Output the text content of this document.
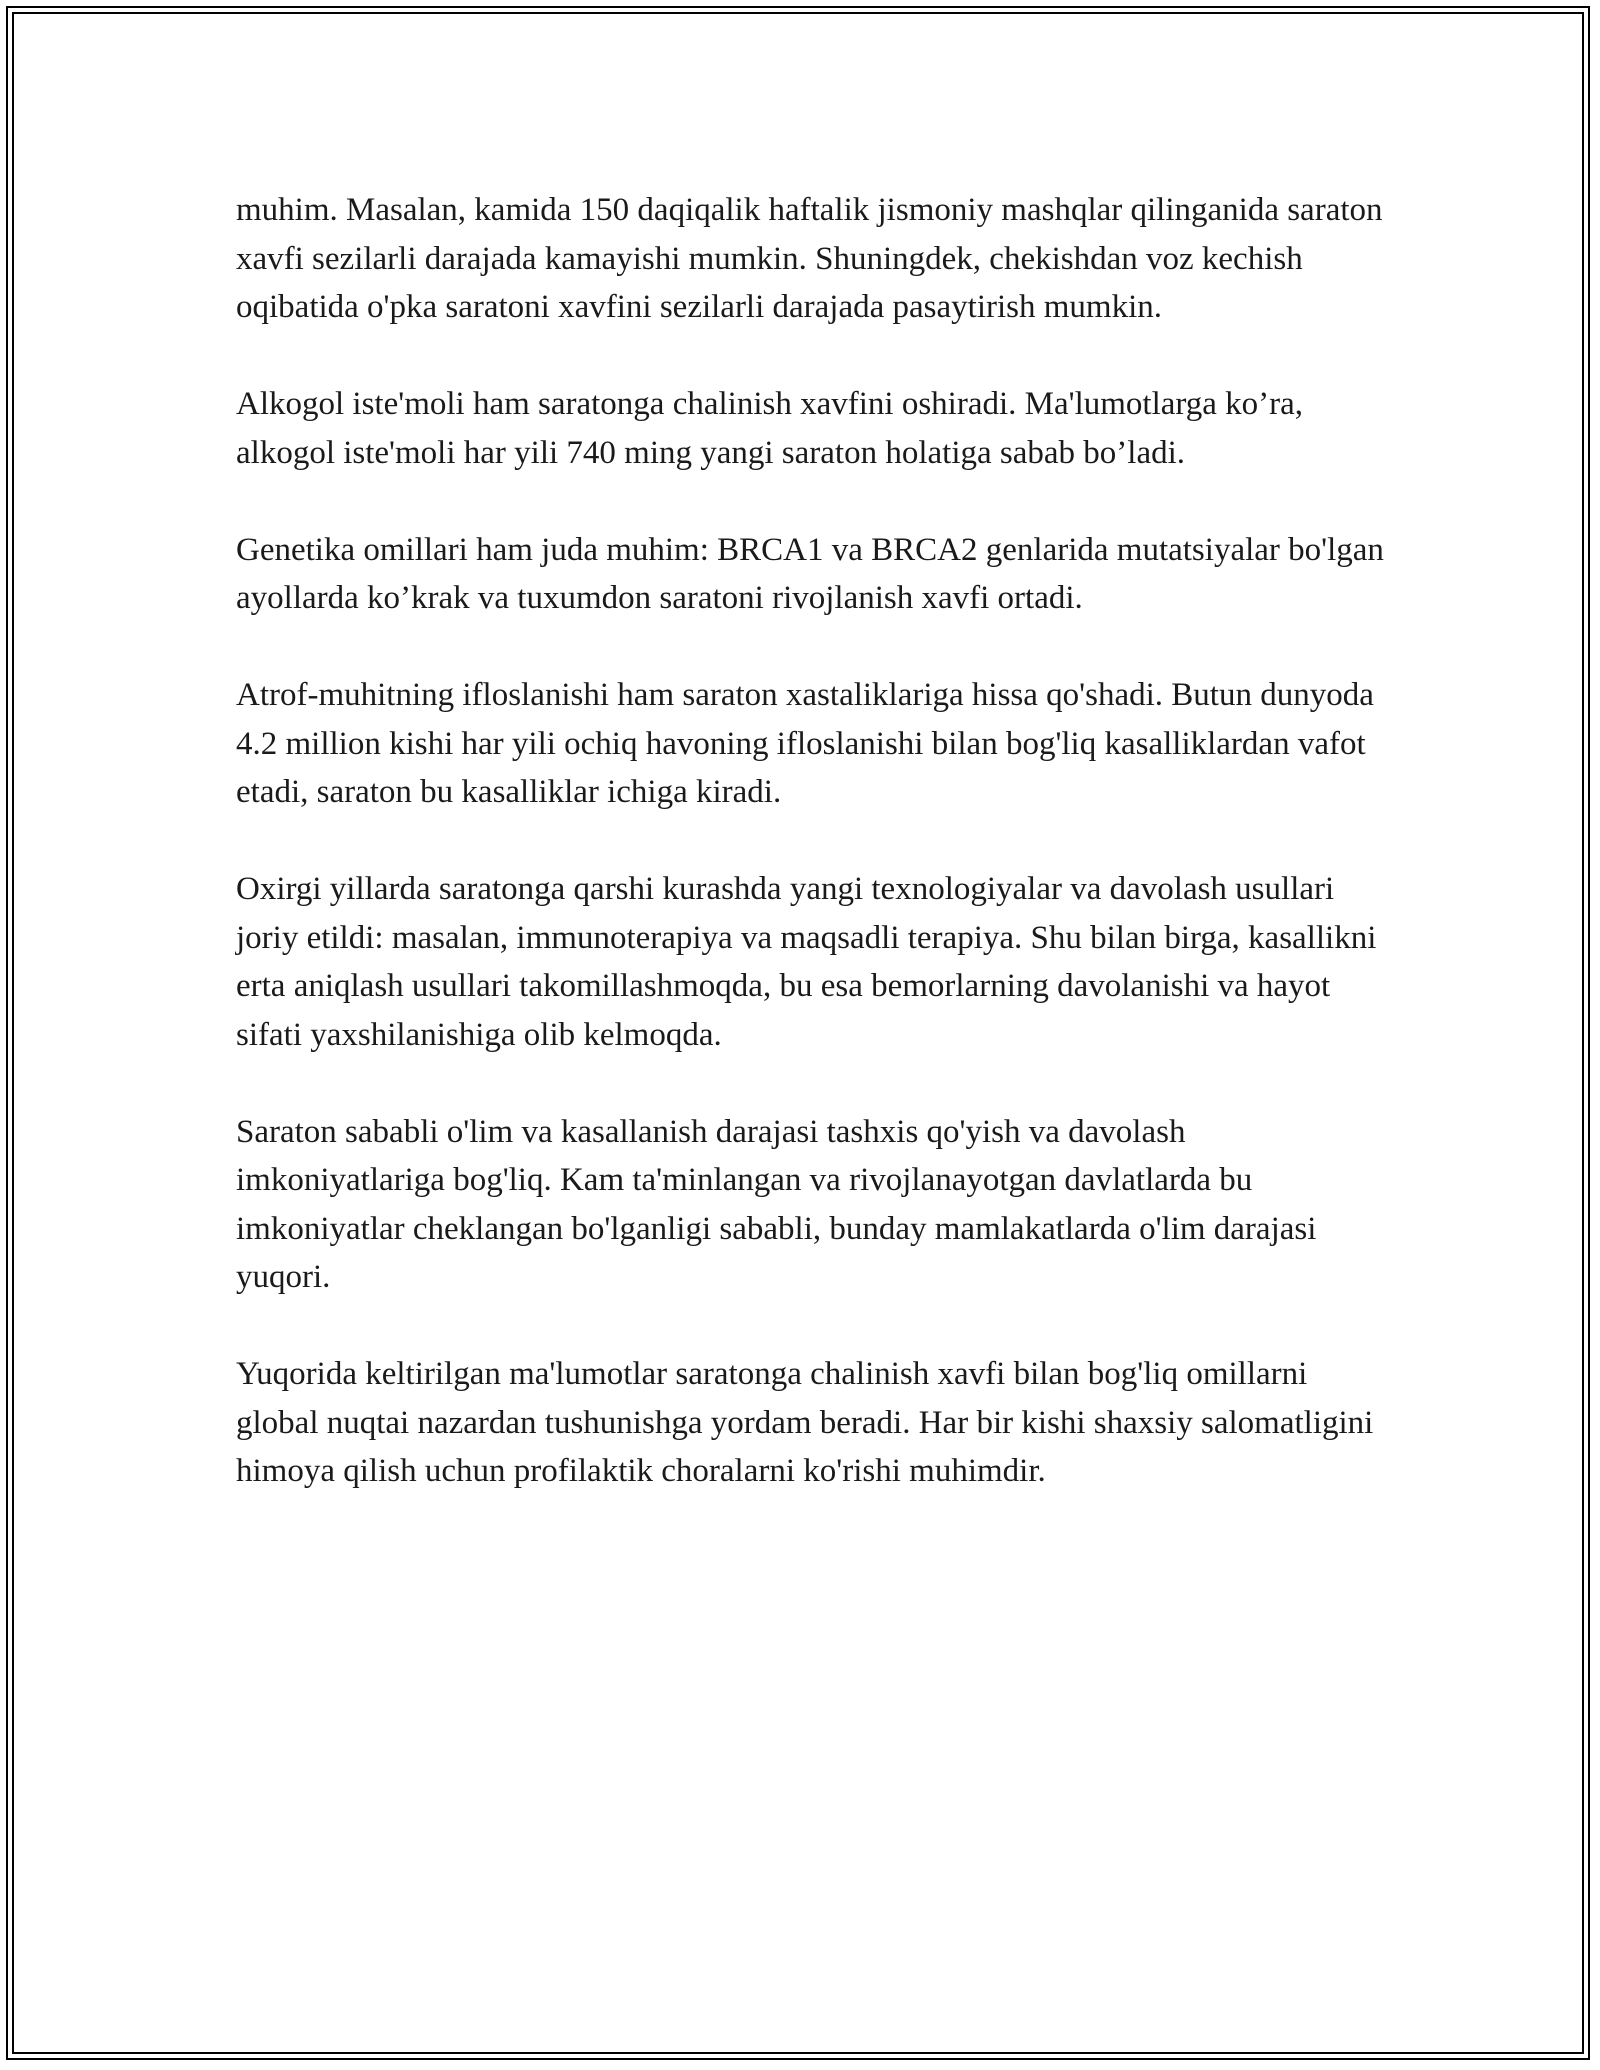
muhim. Masalan, kamida 150 daqiqalik haftalik jismoniy mashqlar qilinganida saraton xavfi sezilarli darajada kamayishi mumkin. Shuningdek, chekishdan voz kechish oqibatida o'pka saratoni xavfini sezilarli darajada pasaytirish mumkin.

Alkogol iste'moli ham saratonga chalinish xavfini oshiradi. Ma'lumotlarga ko’ra, alkogol iste'moli har yili 740 ming yangi saraton holatiga sabab bo’ladi.

Genetika omillari ham juda muhim: BRCA1 va BRCA2 genlarida mutatsiyalar bo'lgan ayollarda ko’krak va tuxumdon saratoni rivojlanish xavfi ortadi.

Atrof-muhitning ifloslanishi ham saraton xastaliklariga hissa qo'shadi. Butun dunyoda 4.2 million kishi har yili ochiq havoning ifloslanishi bilan bog'liq kasalliklardan vafot etadi, saraton bu kasalliklar ichiga kiradi.

Oxirgi yillarda saratonga qarshi kurashda yangi texnologiyalar va davolash usullari joriy etildi: masalan, immunoterapiya va maqsadli terapiya. Shu bilan birga, kasallikni erta aniqlash usullari takomillashmoqda, bu esa bemorlarning davolanishi va hayot sifati yaxshilanishiga olib kelmoqda.

Saraton sababli o'lim va kasallanish darajasi tashxis qo'yish va davolash imkoniyatlariga bog'liq. Kam ta'minlangan va rivojlanayotgan davlatlarda bu imkoniyatlar cheklangan bo'lganligi sababli, bunday mamlakatlarda o'lim darajasi yuqori.

Yuqorida keltirilgan ma'lumotlar saratonga chalinish xavfi bilan bog'liq omillarni global nuqtai nazardan tushunishga yordam beradi. Har bir kishi shaxsiy salomatligini himoya qilish uchun profilaktik choralarni ko'rishi muhimdir.
